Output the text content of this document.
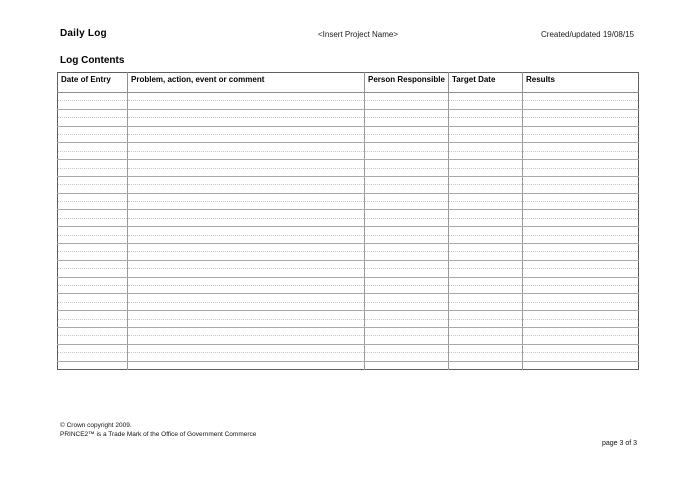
Daily Log	<Insert Project Name>	Created/updated 19/08/15
Log Contents
Date of Entry	Problem, action, event or comment	Person Responsible	Target Date	Results

© Crown copyright 2009.
PRINCE2™ is a Trade Mark of the Office of Government Commerce
page 3 of 3
